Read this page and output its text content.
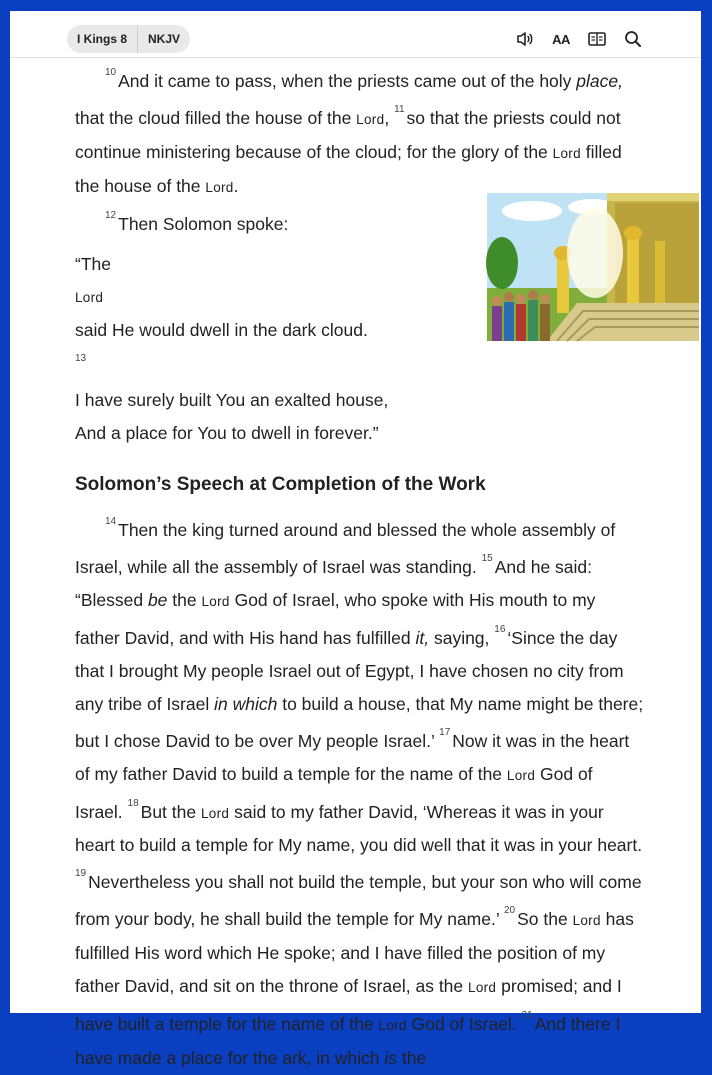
I Kings 8	NKJV	AA

$^{10}$ And it came to pass, when the priests came out of the holy place, that the cloud filled the house of the Lord, $^{11}$ so that the priests could not continue ministering because of the cloud; for the glory of the Lord filled the house of the Lord.

$^{12}$ Then Solomon spoke:

“The
Lord
said He would dwell in the dark cloud.
$^{13}$
I have surely built You an exalted house,
And a place for You to dwell in forever.”

Solomon’s Speech at Completion of the Work

$^{14}$ Then the king turned around and blessed the whole assembly of Israel, while all the assembly of Israel was standing. $^{15}$ And he said: “Blessed be the Lord God of Israel, who spoke with His mouth to my father David, and with His hand has fulfilled it, saying, $^{16}$ ‘Since the day that I brought My people Israel out of Egypt, I have chosen no city from any tribe of Israel in which to build a house, that My name might be there; but I chose David to be over My people Israel.’ $^{17}$ Now it was in the heart of my father David to build a temple for the name of the Lord God of Israel. $^{18}$ But the Lord said to my father David, ‘Whereas it was in your heart to build a temple for My name, you did well that it was in your heart. $^{19}$ Nevertheless you shall not build the temple, but your son who will come from your body, he shall build the temple for My name.’ $^{20}$ So the Lord has fulfilled His word which He spoke; and I have filled the position of my father David, and sit on the throne of Israel, as the Lord promised; and I have built a temple for the name of the Lord God of Israel. $^{21}$ And there I have made a place for the ark, in which is the
